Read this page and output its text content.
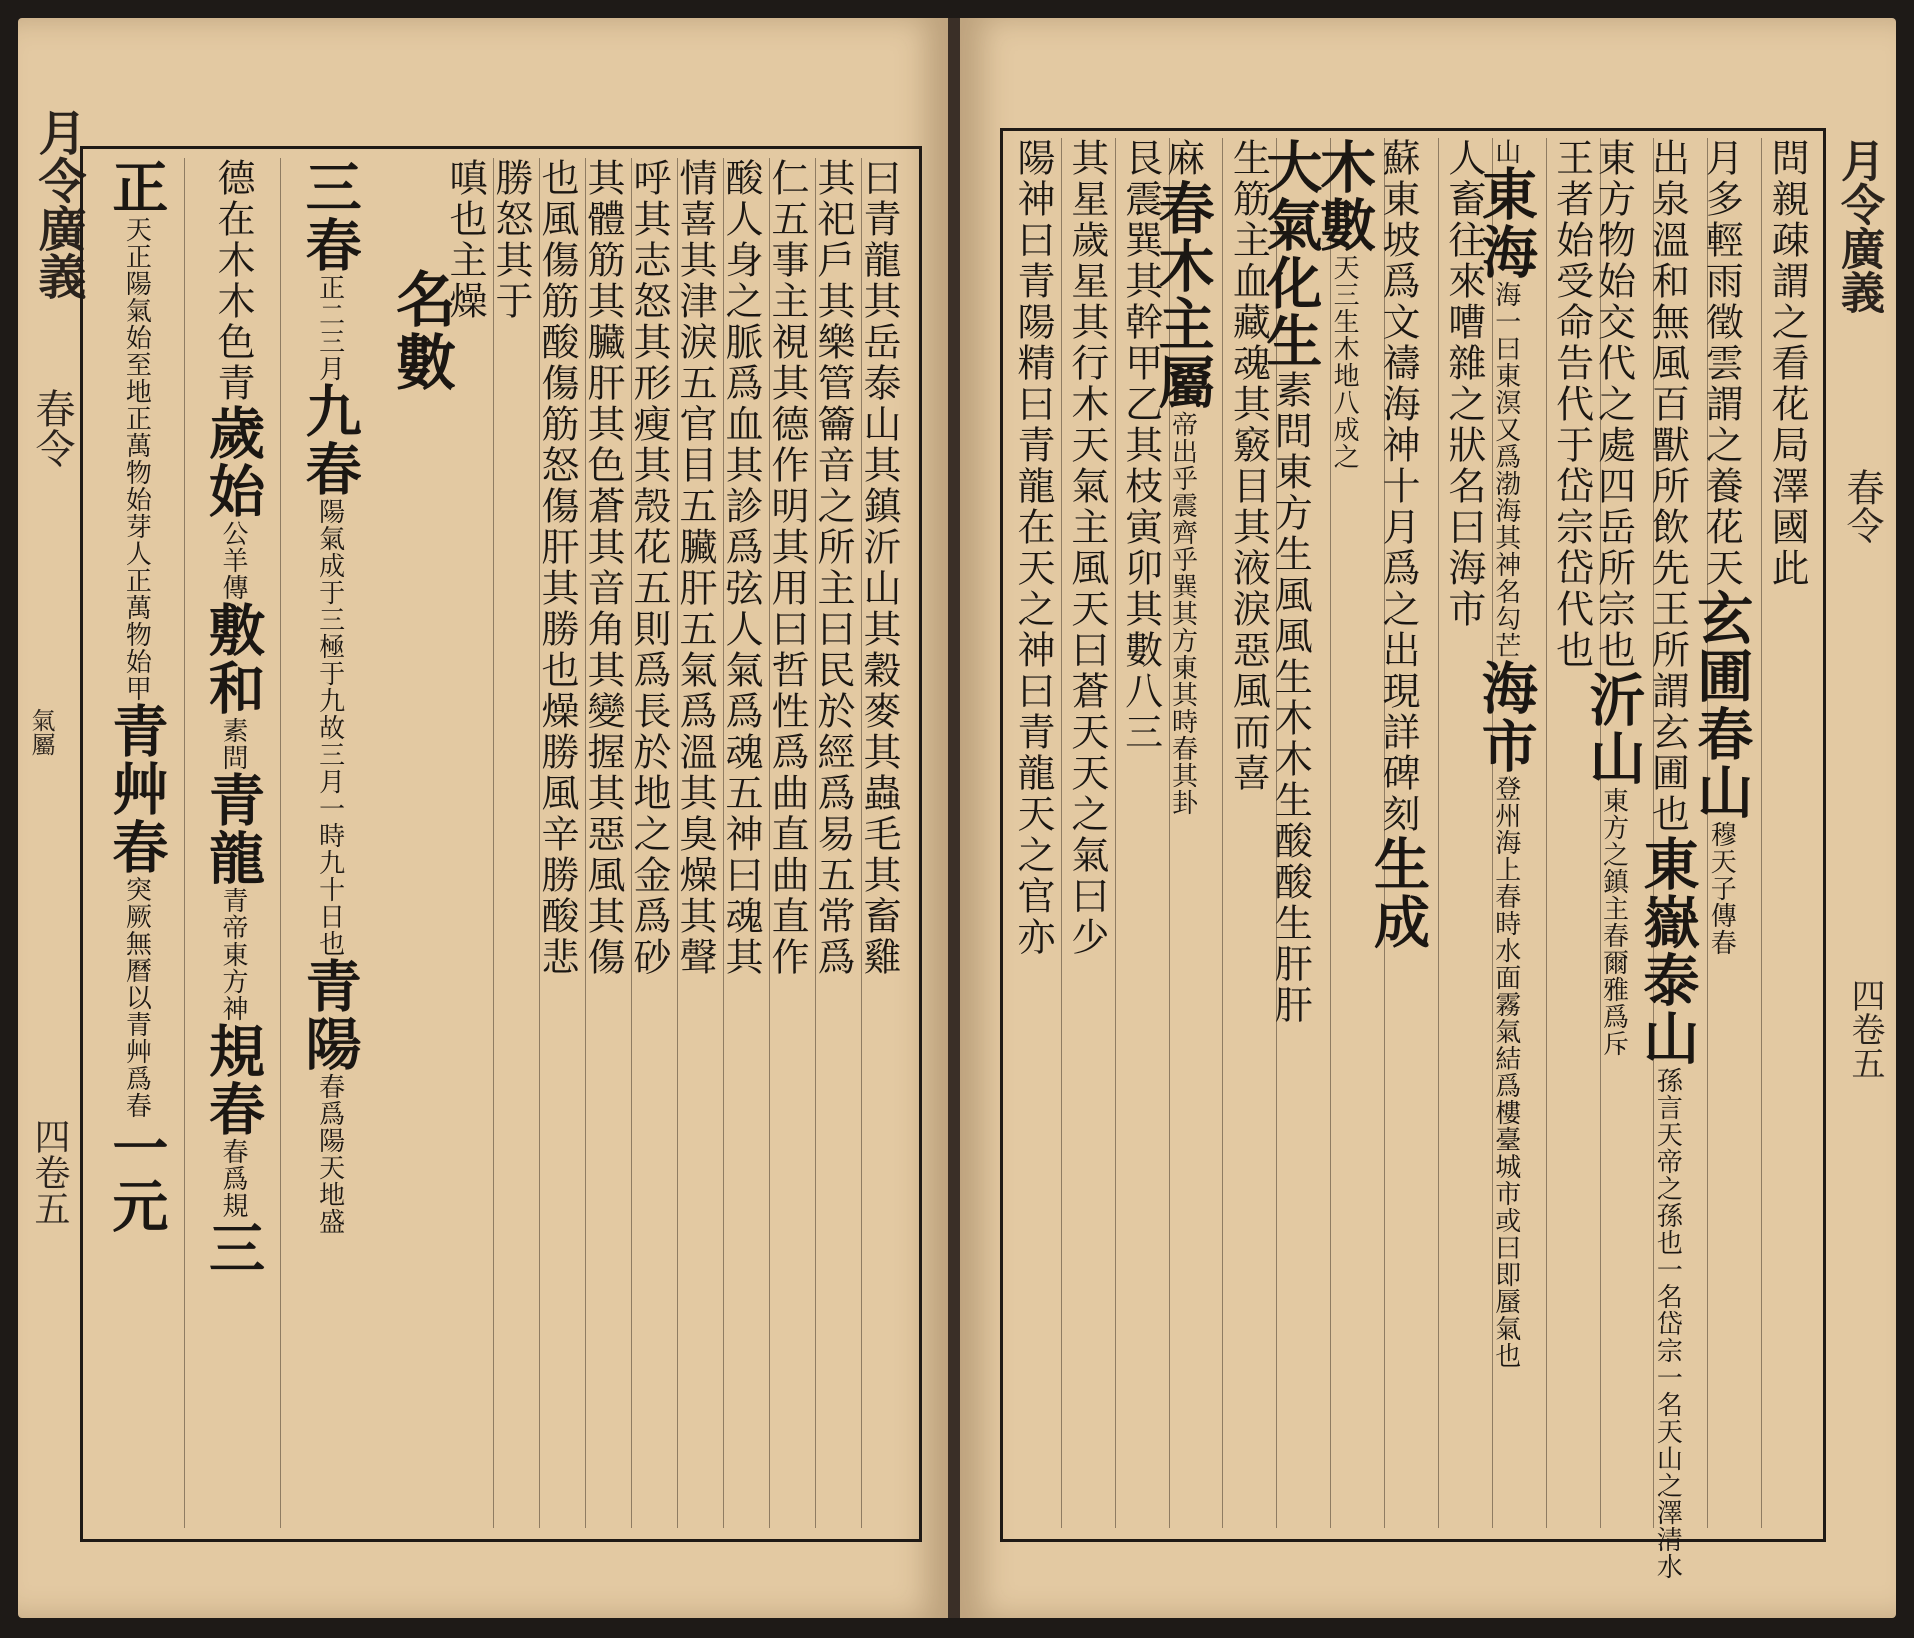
月令廣義
春令
氣屬
四卷五
曰青龍其岳泰山其鎮沂山其穀麥其蟲毛其畜雞
其祀戶其樂管籥音之所主曰民於經爲易五常爲
仁五事主視其德作明其用曰哲性爲曲直曲直作
酸人身之脈爲血其診爲弦人氣爲魂五神曰魂其
情喜其津淚五官目五臟肝五氣爲溫其臭燥其聲
呼其志怒其形瘦其殼花五則爲長於地之金爲砂
其體筋其臟肝其色蒼其音角其變握其惡風其傷
也風傷筋酸傷筋怒傷肝其勝也燥勝風辛勝酸悲
勝怒其于
嗔也主燥
名數
三春正二三月九春陽氣成于三極于九故三月一時九十日也青陽春爲陽天地盛
德在木木色青歲始公羊傳敷和素問青龍青帝東方神規春春爲規三
正天正陽氣始至地正萬物始芽人正萬物始甲青艸春突厥無曆以青艸爲春一元
月令廣義
春令
四卷五
問親疎謂之看花局澤國此
月多輕雨徵雲謂之養花天玄圃春山穆天子傳春
出泉溫和無風百獸所飲先王所謂玄圃也東嶽泰山孫言天帝之孫也一名岱宗一名天山之澤清水
東方物始交代之處四岳所宗也沂山東方之鎮主春爾雅爲斥
王者始受命告代于岱宗岱代也
山東海海一曰東溟又爲渤海其神名勾芒海市登州海上春時水面霧氣結爲樓臺城市或曰即蜃氣也
人畜往來嘈雜之狀名曰海市
蘇東坡爲文禱海神十月爲之出現詳碑刻生成
木數天三生木地八成之
大氣化生素問東方生風風生木木生酸酸生肝肝
生筋主血藏魂其竅目其液淚惡風而喜
麻春木主屬帝出乎震齊乎巽其方東其時春其卦
艮震巽其幹甲乙其枝寅卯其數八三
其星歲星其行木天氣主風天曰蒼天天之氣曰少
陽神曰青陽精曰青龍在天之神曰青龍天之官亦
